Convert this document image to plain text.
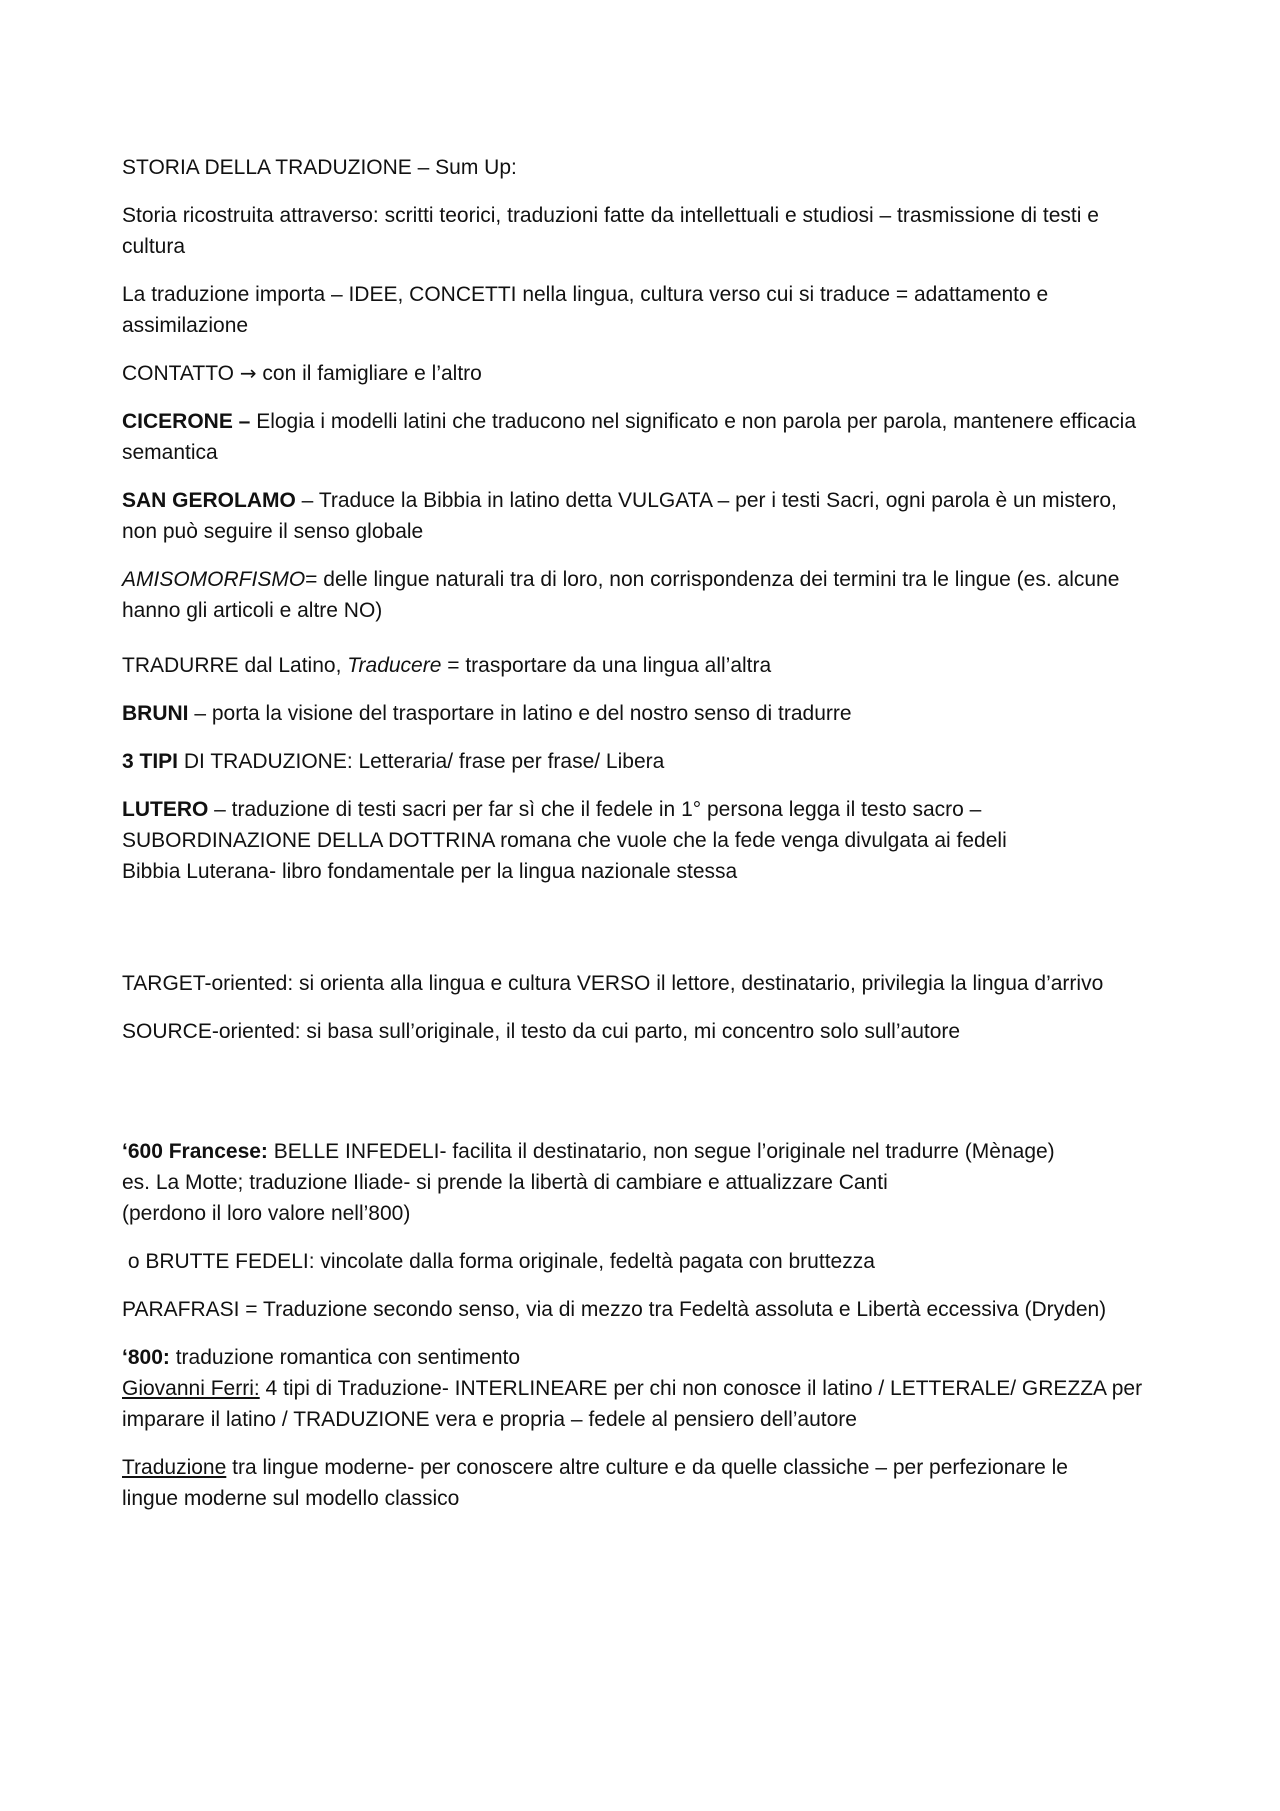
STORIA DELLA TRADUZIONE – Sum Up:
Storia ricostruita attraverso: scritti teorici, traduzioni fatte da intellettuali e studiosi – trasmissione di testi e
cultura
La traduzione importa – IDEE, CONCETTI nella lingua, cultura verso cui si traduce = adattamento e
assimilazione
CONTATTO → con il famigliare e l’altro
CICERONE – Elogia i modelli latini che traducono nel significato e non parola per parola, mantenere efficacia
semantica
SAN GEROLAMO – Traduce la Bibbia in latino detta VULGATA – per i testi Sacri, ogni parola è un mistero,
non può seguire il senso globale
AMISOMORFISMO= delle lingue naturali tra di loro, non corrispondenza dei termini tra le lingue (es. alcune
hanno gli articoli e altre NO)
TRADURRE dal Latino, Traducere = trasportare da una lingua all’altra
BRUNI – porta la visione del trasportare in latino e del nostro senso di tradurre
3 TIPI DI TRADUZIONE: Letteraria/ frase per frase/ Libera
LUTERO – traduzione di testi sacri per far sì che il fedele in 1° persona legga il testo sacro –
SUBORDINAZIONE DELLA DOTTRINA romana che vuole che la fede venga divulgata ai fedeli
Bibbia Luterana- libro fondamentale per la lingua nazionale stessa
TARGET-oriented: si orienta alla lingua e cultura VERSO il lettore, destinatario, privilegia la lingua d’arrivo
SOURCE-oriented: si basa sull’originale, il testo da cui parto, mi concentro solo sull’autore
‘600 Francese: BELLE INFEDELI- facilita il destinatario, non segue l’originale nel tradurre (Mènage)
es. La Motte; traduzione Iliade- si prende la libertà di cambiare e attualizzare Canti
(perdono il loro valore nell’800)
o BRUTTE FEDELI: vincolate dalla forma originale, fedeltà pagata con bruttezza
PARAFRASI = Traduzione secondo senso, via di mezzo tra Fedeltà assoluta e Libertà eccessiva (Dryden)
‘800: traduzione romantica con sentimento
Giovanni Ferri: 4 tipi di Traduzione- INTERLINEARE per chi non conosce il latino / LETTERALE/ GREZZA per
imparare il latino / TRADUZIONE vera e propria – fedele al pensiero dell’autore
Traduzione tra lingue moderne- per conoscere altre culture e da quelle classiche – per perfezionare le
lingue moderne sul modello classico
